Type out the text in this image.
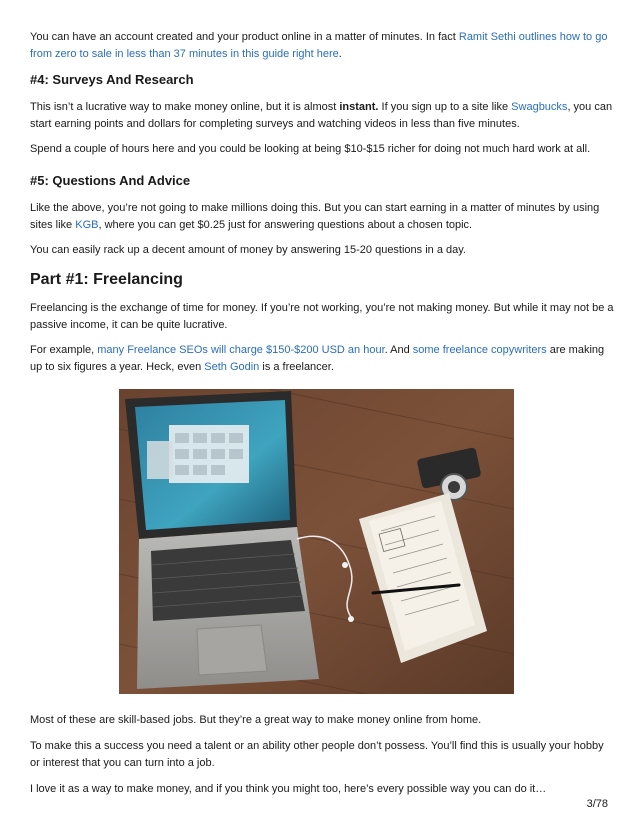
You can have an account created and your product online in a matter of minutes. In fact Ramit Sethi outlines how to go from zero to sale in less than 37 minutes in this guide right here.

#4: Surveys And Research

This isn’t a lucrative way to make money online, but it is almost instant. If you sign up to a site like Swagbucks, you can start earning points and dollars for completing surveys and watching videos in less than five minutes.

Spend a couple of hours here and you could be looking at being $10-$15 richer for doing not much hard work at all.

#5: Questions And Advice

Like the above, you’re not going to make millions doing this. But you can start earning in a matter of minutes by using sites like KGB, where you can get $0.25 just for answering questions about a chosen topic.

You can easily rack up a decent amount of money by answering 15-20 questions in a day.

Part #1: Freelancing

Freelancing is the exchange of time for money. If you’re not working, you’re not making money. But while it may not be a passive income, it can be quite lucrative.

For example, many Freelance SEOs will charge $150-$200 USD an hour. And some freelance copywriters are making up to six figures a year. Heck, even Seth Godin is a freelancer.

Most of these are skill-based jobs. But they’re a great way to make money online from home.

To make this a success you need a talent or an ability other people don’t possess. You’ll find this is usually your hobby or interest that you can turn into a job.

I love it as a way to make money, and if you think you might too, here’s every possible way you can do it…

3/78
